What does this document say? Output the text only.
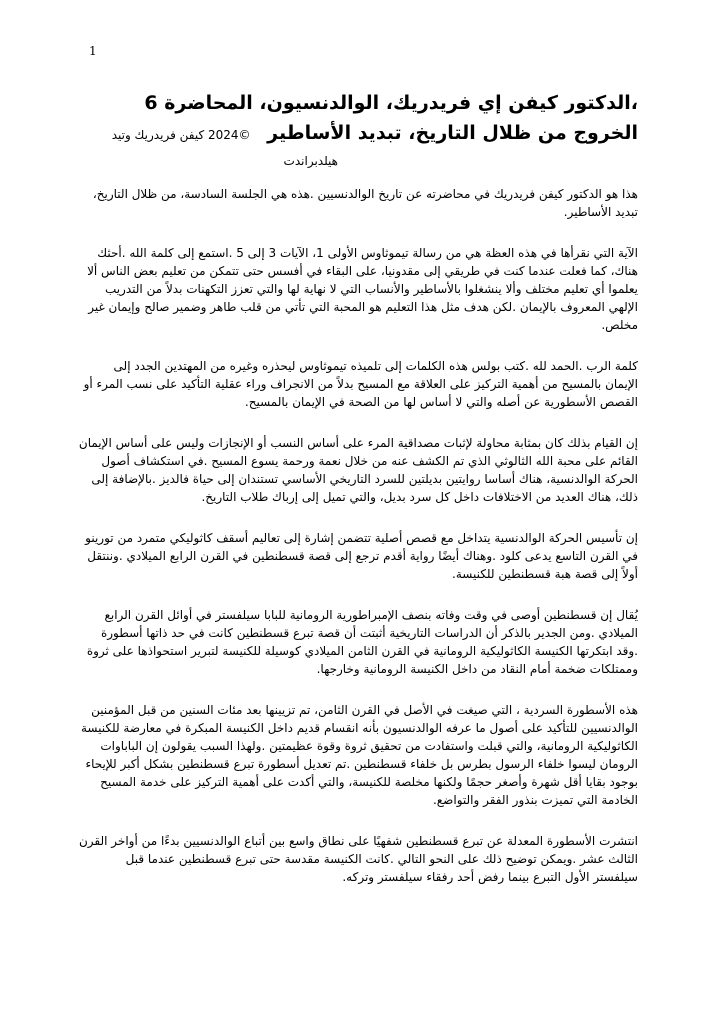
1
،الدكتور كيفن إي فريدريك، الوالدنسيون، المحاضرة 6
الخروج من ظلال التاريخ، تبديد الأساطير ©2024 كيفن فريدريك وتيد
هيلدبراندت

هذا هو الدكتور كيفن فريدريك في محاضرته عن تاريخ الوالدنسيين .هذه هي الجلسة السادسة، من ظلال التاريخ، تبديد الأساطير.

الآية التي نقرأها في هذه العظة هي من رسالة تيموثاوس الأولى 1، الآيات 3 إلى 5 .استمع إلى كلمة الله .أحثك هناك، كما فعلت عندما كنت في طريقي إلى مقدونيا، على البقاء في أفسس حتى تتمكن من تعليم بعض الناس ألا يعلموا أي تعليم مختلف وألا ينشغلوا بالأساطير والأنساب التي لا نهاية لها والتي تعزز التكهنات بدلاً من التدريب الإلهي المعروف بالإيمان .لكن هدف مثل هذا التعليم هو المحبة التي تأتي من قلب طاهر وضمير صالح وإيمان غير مخلص.

كلمة الرب .الحمد لله .كتب بولس هذه الكلمات إلى تلميذه تيموثاوس ليحذره وغيره من المهتدين الجدد إلى الإيمان بالمسيح من أهمية التركيز على العلاقة مع المسيح بدلاً من الانجراف وراء عقلية التأكيد على نسب المرء أو القصص الأسطورية عن أصله والتي لا أساس لها من الصحة في الإيمان بالمسيح.

إن القيام بذلك كان بمثابة محاولة لإثبات مصداقية المرء على أساس النسب أو الإنجازات وليس على أساس الإيمان القائم على محبة الله الثالوثي الذي تم الكشف عنه من خلال نعمة ورحمة يسوع المسيح .في استكشاف أصول الحركة الوالدنسية، هناك أساسا روايتين بديلتين للسرد التاريخي الأساسي تستندان إلى حياة فالديز .بالإضافة إلى ذلك، هناك العديد من الاختلافات داخل كل سرد بديل، والتي تميل إلى إرباك طلاب التاريخ.

إن تأسيس الحركة الوالدنسية يتداخل مع قصص أصلية تتضمن إشارة إلى تعاليم أسقف كاثوليكي متمرد من تورينو في القرن التاسع يدعى كلود .وهناك أيضًا رواية أقدم ترجع إلى قصة قسطنطين في القرن الرابع الميلادي .وننتقل أولاً إلى قصة هبة قسطنطين للكنيسة.

يُقال إن قسطنطين أوصى في وقت وفاته بنصف الإمبراطورية الرومانية للبابا سيلفستر في أوائل القرن الرابع الميلادي .ومن الجدير بالذكر أن الدراسات التاريخية أثبتت أن قصة تبرع قسطنطين كانت في حد ذاتها أسطورة .وقد ابتكرتها الكنيسة الكاثوليكية الرومانية في القرن الثامن الميلادي كوسيلة للكنيسة لتبرير استحواذها على ثروة وممتلكات ضخمة أمام النقاد من داخل الكنيسة الرومانية وخارجها.

هذه الأسطورة السردية ، التي صيغت في الأصل في القرن الثامن، تم تزيينها بعد مئات السنين من قبل المؤمنين الوالدنسيين للتأكيد على أصول ما عرفه الوالدنسيون بأنه انقسام قديم داخل الكنيسة المبكرة في معارضة للكنيسة الكاثوليكية الرومانية، والتي قبلت واستفادت من تحقيق ثروة وقوة عظيمتين .ولهذا السبب يقولون إن الباباوات الرومان ليسوا خلفاء الرسول بطرس بل خلفاء قسطنطين .تم تعديل أسطورة تبرع قسطنطين بشكل أكبر للإيحاء بوجود بقايا أقل شهرة وأصغر حجمًا ولكنها مخلصة للكنيسة، والتي أكدت على أهمية التركيز على خدمة المسيح الخادمة التي تميزت بنذور الفقر والتواضع.

انتشرت الأسطورة المعدلة عن تبرع قسطنطين شفهيًا على نطاق واسع بين أتباع الوالدنسيين بدءًا من أواخر القرن الثالث عشر .ويمكن توضيح ذلك على النحو التالي .كانت الكنيسة مقدسة حتى تبرع قسطنطين عندما قبل سيلفستر الأول التبرع بينما رفض أحد رفقاء سيلفستر وتركه.
